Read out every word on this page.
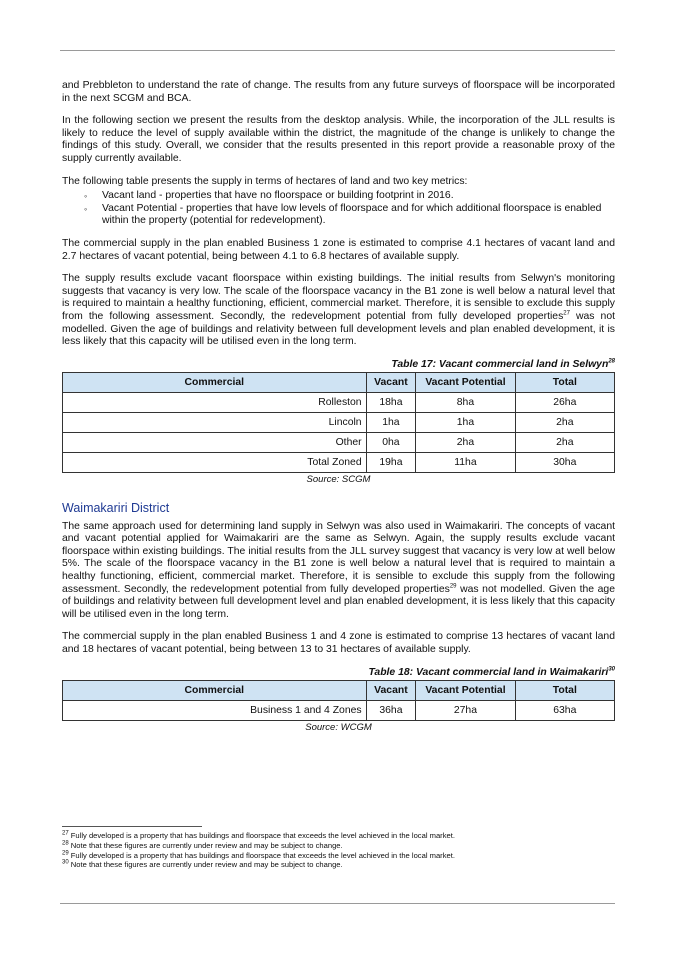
and Prebbleton to understand the rate of change. The results from any future surveys of floorspace will be incorporated in the next SCGM and BCA.

In the following section we present the results from the desktop analysis. While, the incorporation of the JLL results is likely to reduce the level of supply available within the district, the magnitude of the change is unlikely to change the findings of this study. Overall, we consider that the results presented in this report provide a reasonable proxy of the supply currently available.

The following table presents the supply in terms of hectares of land and two key metrics:

◦ Vacant land - properties that have no floorspace or building footprint in 2016.
◦ Vacant Potential - properties that have low levels of floorspace and for which additional floorspace is enabled within the property (potential for redevelopment).

The commercial supply in the plan enabled Business 1 zone is estimated to comprise 4.1 hectares of vacant land and 2.7 hectares of vacant potential, being between 4.1 to 6.8 hectares of available supply.

The supply results exclude vacant floorspace within existing buildings. The initial results from Selwyn's monitoring suggests that vacancy is very low. The scale of the floorspace vacancy in the B1 zone is well below a natural level that is required to maintain a healthy functioning, efficient, commercial market. Therefore, it is sensible to exclude this supply from the following assessment. Secondly, the redevelopment potential from fully developed properties$^{27}$ was not modelled. Given the age of buildings and relativity between full development levels and plan enabled development, it is less likely that this capacity will be utilised even in the long term.

Table 17: Vacant commercial land in Selwyn$^{28}$
Commercial	Vacant	Vacant Potential	Total
Rolleston	18ha	8ha	26ha
Lincoln	1ha	1ha	2ha
Other	0ha	2ha	2ha
Total Zoned	19ha	11ha	30ha
Source: SCGM
Waimakariri District

The same approach used for determining land supply in Selwyn was also used in Waimakariri. The concepts of vacant and vacant potential applied for Waimakariri are the same as Selwyn. Again, the supply results exclude vacant floorspace within existing buildings. The initial results from the JLL survey suggest that vacancy is very low at well below 5%. The scale of the floorspace vacancy in the B1 zone is well below a natural level that is required to maintain a healthy functioning, efficient, commercial market. Therefore, it is sensible to exclude this supply from the following assessment. Secondly, the redevelopment potential from fully developed properties$^{29}$ was not modelled. Given the age of buildings and relativity between full development level and plan enabled development, it is less likely that this capacity will be utilised even in the long term.

The commercial supply in the plan enabled Business 1 and 4 zone is estimated to comprise 13 hectares of vacant land and 18 hectares of vacant potential, being between 13 to 31 hectares of available supply.

Table 18: Vacant commercial land in Waimakariri$^{30}$
Commercial	Vacant	Vacant Potential	Total
Business 1 and 4 Zones	36ha	27ha	63ha
Source: WCGM
$^{27}$ Fully developed is a property that has buildings and floorspace that exceeds the level achieved in the local market.
$^{28}$ Note that these figures are currently under review and may be subject to change.
$^{29}$ Fully developed is a property that has buildings and floorspace that exceeds the level achieved in the local market.
$^{30}$ Note that these figures are currently under review and may be subject to change.
